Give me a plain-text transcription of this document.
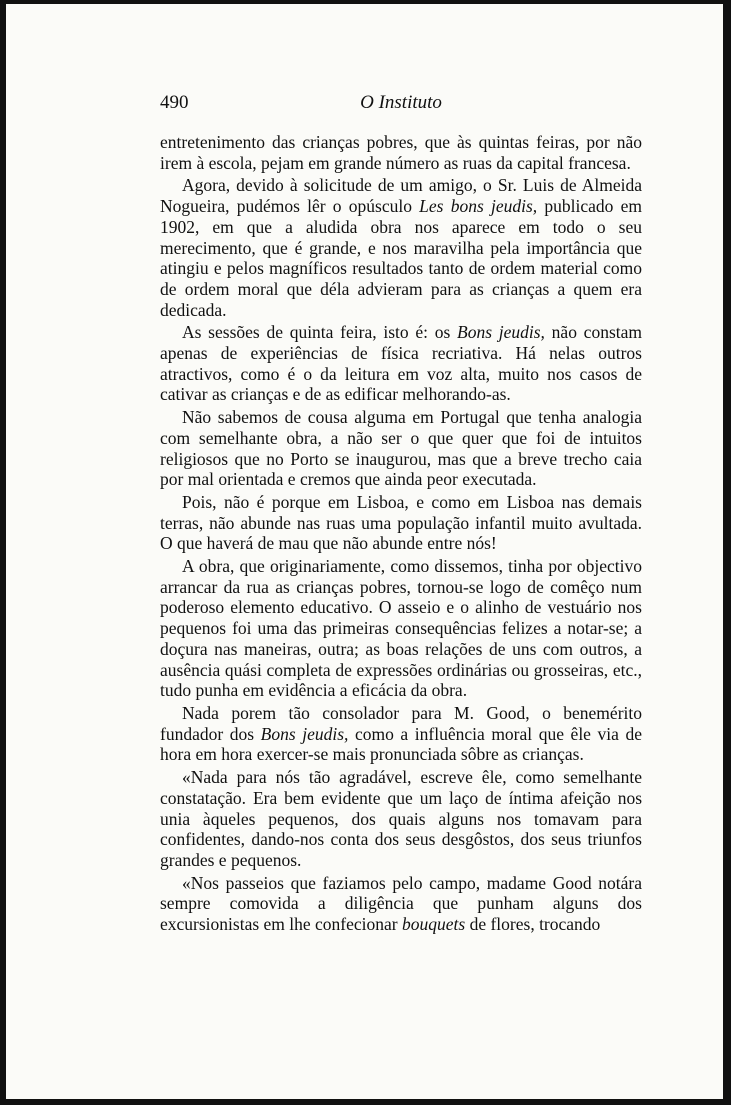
490	O Instituto

entretenimento das crianças pobres, que às quintas feiras, por não irem à escola, pejam em grande número as ruas da capital francesa.

Agora, devido à solicitude de um amigo, o Sr. Luis de Almeida Nogueira, pudémos lêr o opúsculo Les bons jeudis, publicado em 1902, em que a aludida obra nos aparece em todo o seu merecimento, que é grande, e nos maravilha pela importância que atingiu e pelos magníficos resultados tanto de ordem material como de ordem moral que déla advieram para as crianças a quem era dedicada.

As sessões de quinta feira, isto é: os Bons jeudis, não constam apenas de experiências de física recriativa. Há nelas outros atractivos, como é o da leitura em voz alta, muito nos casos de cativar as crianças e de as edificar melhorando-as.

Não sabemos de cousa alguma em Portugal que tenha analogia com semelhante obra, a não ser o que quer que foi de intuitos religiosos que no Porto se inaugurou, mas que a breve trecho caia por mal orientada e cremos que ainda peor executada.

Pois, não é porque em Lisboa, e como em Lisboa nas demais terras, não abunde nas ruas uma população infantil muito avultada. O que haverá de mau que não abunde entre nós!

A obra, que originariamente, como dissemos, tinha por objectivo arrancar da rua as crianças pobres, tornou-se logo de comêço num poderoso elemento educativo. O asseio e o alinho de vestuário nos pequenos foi uma das primeiras consequências felizes a notar-se; a doçura nas maneiras, outra; as boas relações de uns com outros, a ausência quási completa de expressões ordinárias ou grosseiras, etc., tudo punha em evidência a eficácia da obra.

Nada porem tão consolador para M. Good, o benemérito fundador dos Bons jeudis, como a influência moral que êle via de hora em hora exercer-se mais pronunciada sôbre as crianças.

«Nada para nós tão agradável, escreve êle, como semelhante constatação. Era bem evidente que um laço de íntima afeição nos unia àqueles pequenos, dos quais alguns nos tomavam para confidentes, dando-nos conta dos seus desgôstos, dos seus triunfos grandes e pequenos.

«Nos passeios que faziamos pelo campo, madame Good notára sempre comovida a diligência que punham alguns dos excursionistas em lhe confecionar bouquets de flores, trocando
